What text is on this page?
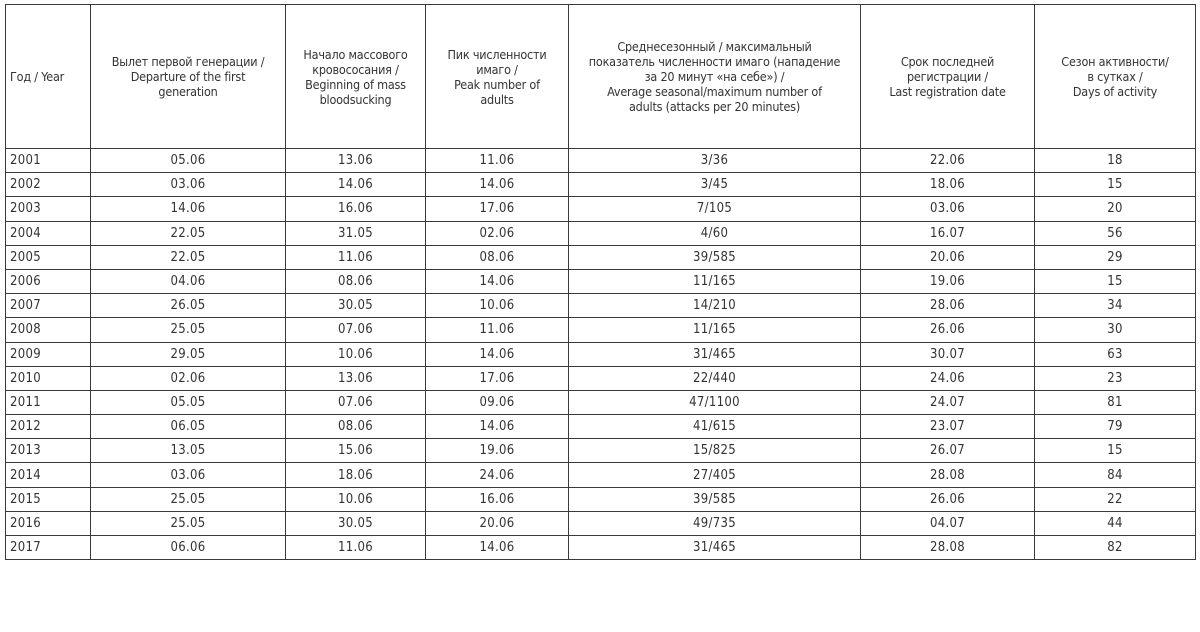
Год / Year	Вылет первой генерации /
Departure of the first
generation	Начало массового
кровососания /
Beginning of mass
bloodsucking	Пик численности
имаго /
Peak number of
adults	Среднесезонный / максимальный
показатель численности имаго (нападение
за 20 минут «на себе») /
Average seasonal/maximum number of
adults (attacks per 20 minutes)	Срок последней
регистрации /
Last registration date	Сезон активности/
в сутках /
Days of activity

2001	05.06	13.06	11.06	3/36	22.06	18
2002	03.06	14.06	14.06	3/45	18.06	15
2003	14.06	16.06	17.06	7/105	03.06	20
2004	22.05	31.05	02.06	4/60	16.07	56
2005	22.05	11.06	08.06	39/585	20.06	29
2006	04.06	08.06	14.06	11/165	19.06	15
2007	26.05	30.05	10.06	14/210	28.06	34
2008	25.05	07.06	11.06	11/165	26.06	30
2009	29.05	10.06	14.06	31/465	30.07	63
2010	02.06	13.06	17.06	22/440	24.06	23
2011	05.05	07.06	09.06	47/1100	24.07	81
2012	06.05	08.06	14.06	41/615	23.07	79
2013	13.05	15.06	19.06	15/825	26.07	15
2014	03.06	18.06	24.06	27/405	28.08	84
2015	25.05	10.06	16.06	39/585	26.06	22
2016	25.05	30.05	20.06	49/735	04.07	44
2017	06.06	11.06	14.06	31/465	28.08	82
